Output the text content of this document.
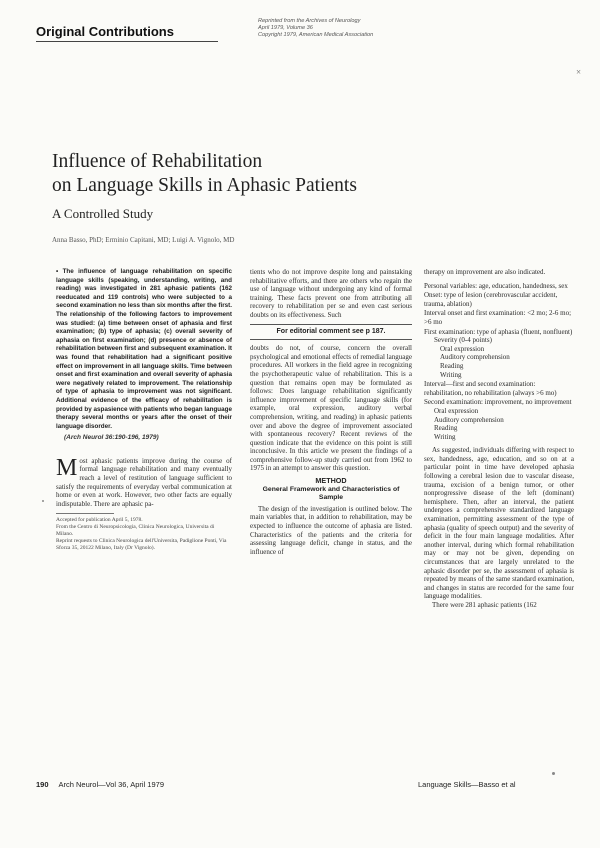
Original Contributions
Reprinted from the Archives of Neurology
April 1979, Volume 36
Copyright 1979, American Medical Association
×
Influence of Rehabilitation
on Language Skills in Aphasic Patients
A Controlled Study
Anna Basso, PhD; Erminio Capitani, MD; Luigi A. Vignolo, MD
• The influence of language rehabilitation on specific language skills (speaking, understanding, writing, and reading) was investigated in 281 aphasic patients (162 reeducated and 119 controls) who were subjected to a second examination no less than six months after the first. The relationship of the following factors to improvement was studied: (a) time between onset of aphasia and first examination; (b) type of aphasia; (c) overall severity of aphasia on first examination; (d) presence or absence of rehabilitation between first and subsequent examination. It was found that rehabilitation had a significant positive effect on improvement in all language skills. Time between onset and first examination and overall severity of aphasia were negatively related to improvement. The relationship of type of aphasia to improvement was not significant. Additional evidence of the efficacy of rehabilitation is provided by aspasience with patients who began language therapy several months or years after the onset of their language disorder.
(Arch Neurol 36:190-196, 1979)
Most aphasic patients improve during the course of formal language rehabilitation and many eventually reach a level of restitution of language sufficient to satisfy the requirements of everyday verbal communication at home or even at work. However, two other facts are equally indisputable. There are aphasic pa-
Accepted for publication April 5, 1978.
From the Centro di Neuropsicologia, Clinica Neurologica, Universita di Milano.
Reprint requests to Clinica Neurologica dell'Universita, Padiglione Ponti, Via Sforza 35, 20122 Milano, Italy (Dr Vignolo).
tients who do not improve despite long and painstaking rehabilitative efforts, and there are others who regain the use of language without undergoing any kind of formal training. These facts prevent one from attributing all recovery to rehabilitation per se and even cast serious doubts on its effectiveness. Such
For editorial comment see p 187.
doubts do not, of course, concern the overall psychological and emotional effects of remedial language procedures. All workers in the field agree in recognizing the psychotherapeutic value of rehabilitation. This is a question that remains open may be formulated as follows: Does language rehabilitation significantly influence improvement of specific language skills (for example, oral expression, auditory verbal comprehension, writing, and reading) in aphasic patients over and above the degree of improvement associated with spontaneous recovery? Recent reviews of the question indicate that the evidence on this point is still inconclusive. In this article we present the findings of a comprehensive follow-up study carried out from 1962 to 1975 in an attempt to answer this question.
METHOD
General Framework and Characteristics of Sample
The design of the investigation is outlined below. The main variables that, in addition to rehabilitation, may be expected to influence the outcome of aphasia are listed. Characteristics of the patients and the criteria for assessing language deficit, change in status, and the influence of
therapy on improvement are also indicated.
Personal variables: age, education, handedness, sex
Onset: type of lesion (cerebrovascular accident, trauma, ablation)
Interval onset and first examination: <2 mo; 2-6 mo; >6 mo
First examination: type of aphasia (fluent, nonfluent)
Severity (0-4 points)
Oral expression
Auditory comprehension
Reading
Writing
Interval—first and second examination: rehabilitation, no rehabilitation (always >6 mo)
Second examination: improvement, no improvement
Oral expression
Auditory comprehension
Reading
Writing
As suggested, individuals differing with respect to sex, handedness, age, education, and so on at a particular point in time have developed aphasia following a cerebral lesion due to vascular disease, trauma, excision of a benign tumor, or other nonprogressive disease of the left (dominant) hemisphere. Then, after an interval, the patient undergoes a comprehensive standardized language examination, permitting assessment of the type of aphasia (quality of speech output) and the severity of deficit in the four main language modalities. After another interval, during which formal rehabilitation may or may not be given, depending on circumstances that are largely unrelated to the aphasic disorder per se, the assessment of aphasia is repeated by means of the same standard examination, and changes in status are recorded for the same four language modalities.
There were 281 aphasic patients (162
190 Arch Neurol—Vol 36, April 1979	Language Skills—Basso et al
